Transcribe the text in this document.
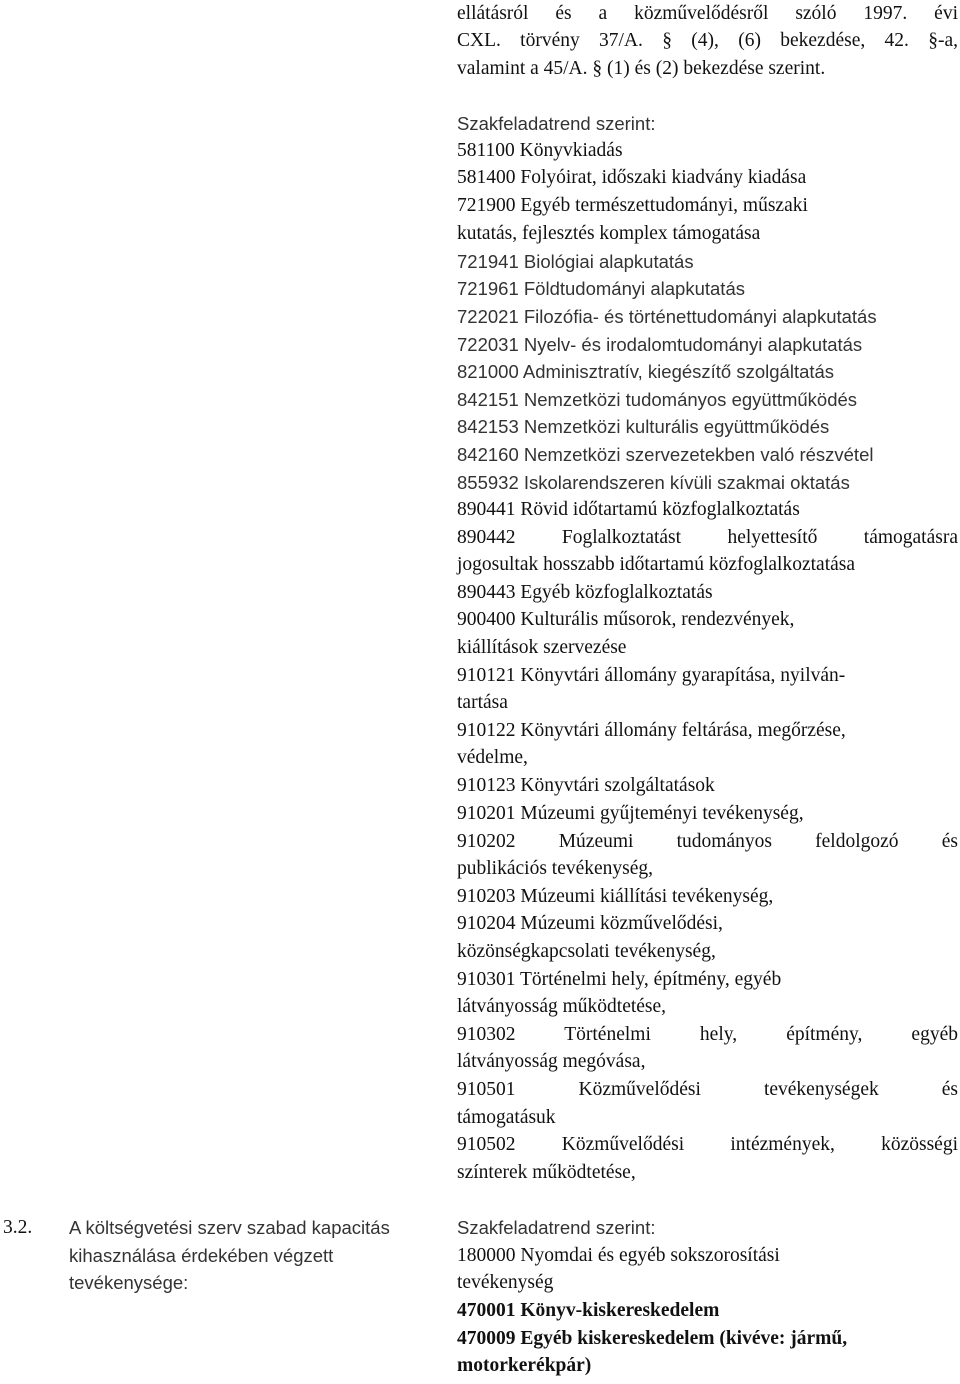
ellátásról és a közművelődésről szóló 1997. évi
CXL. törvény 37/A. § (4), (6) bekezdése, 42. §-a,
valamint a 45/A. § (1) és (2) bekezdése szerint.
Szakfeladatrend szerint:
581100 Könyvkiadás
581400 Folyóirat, időszaki kiadvány kiadása
721900 Egyéb természettudományi, műszaki
kutatás, fejlesztés komplex támogatása
721941 Biológiai alapkutatás
721961 Földtudományi alapkutatás
722021 Filozófia- és történettudományi alapkutatás
722031 Nyelv- és irodalomtudományi alapkutatás
821000 Adminisztratív, kiegészítő szolgáltatás
842151 Nemzetközi tudományos együttműködés
842153 Nemzetközi kulturális együttműködés
842160 Nemzetközi szervezetekben való részvétel
855932 Iskolarendszeren kívüli szakmai oktatás
890441 Rövid időtartamú közfoglalkoztatás
890442 Foglalkoztatást helyettesítő támogatásra
jogosultak hosszabb időtartamú közfoglalkoztatása
890443 Egyéb közfoglalkoztatás
900400 Kulturális műsorok, rendezvények,
kiállítások szervezése
910121 Könyvtári állomány gyarapítása, nyilván-
tartása
910122 Könyvtári állomány feltárása, megőrzése,
védelme,
910123 Könyvtári szolgáltatások
910201 Múzeumi gyűjteményi tevékenység,
910202 Múzeumi tudományos feldolgozó és
publikációs tevékenység,
910203 Múzeumi kiállítási tevékenység,
910204 Múzeumi közművelődési,
közönségkapcsolati tevékenység,
910301 Történelmi hely, építmény, egyéb
látványosság működtetése,
910302 Történelmi hely, építmény, egyéb
látványosság megóvása,
910501 Közművelődési tevékenységek és
támogatásuk
910502 Közművelődési intézmények, közösségi
színterek működtetése,
3.2. A költségvetési szerv szabad kapacitás
kihasználása érdekében végzett
tevékenysége:
Szakfeladatrend szerint:
180000 Nyomdai és egyéb sokszorosítási
tevékenység
470001 Könyv-kiskereskedelem
470009 Egyéb kiskereskedelem (kivéve: jármű,
motorkerékpár)
